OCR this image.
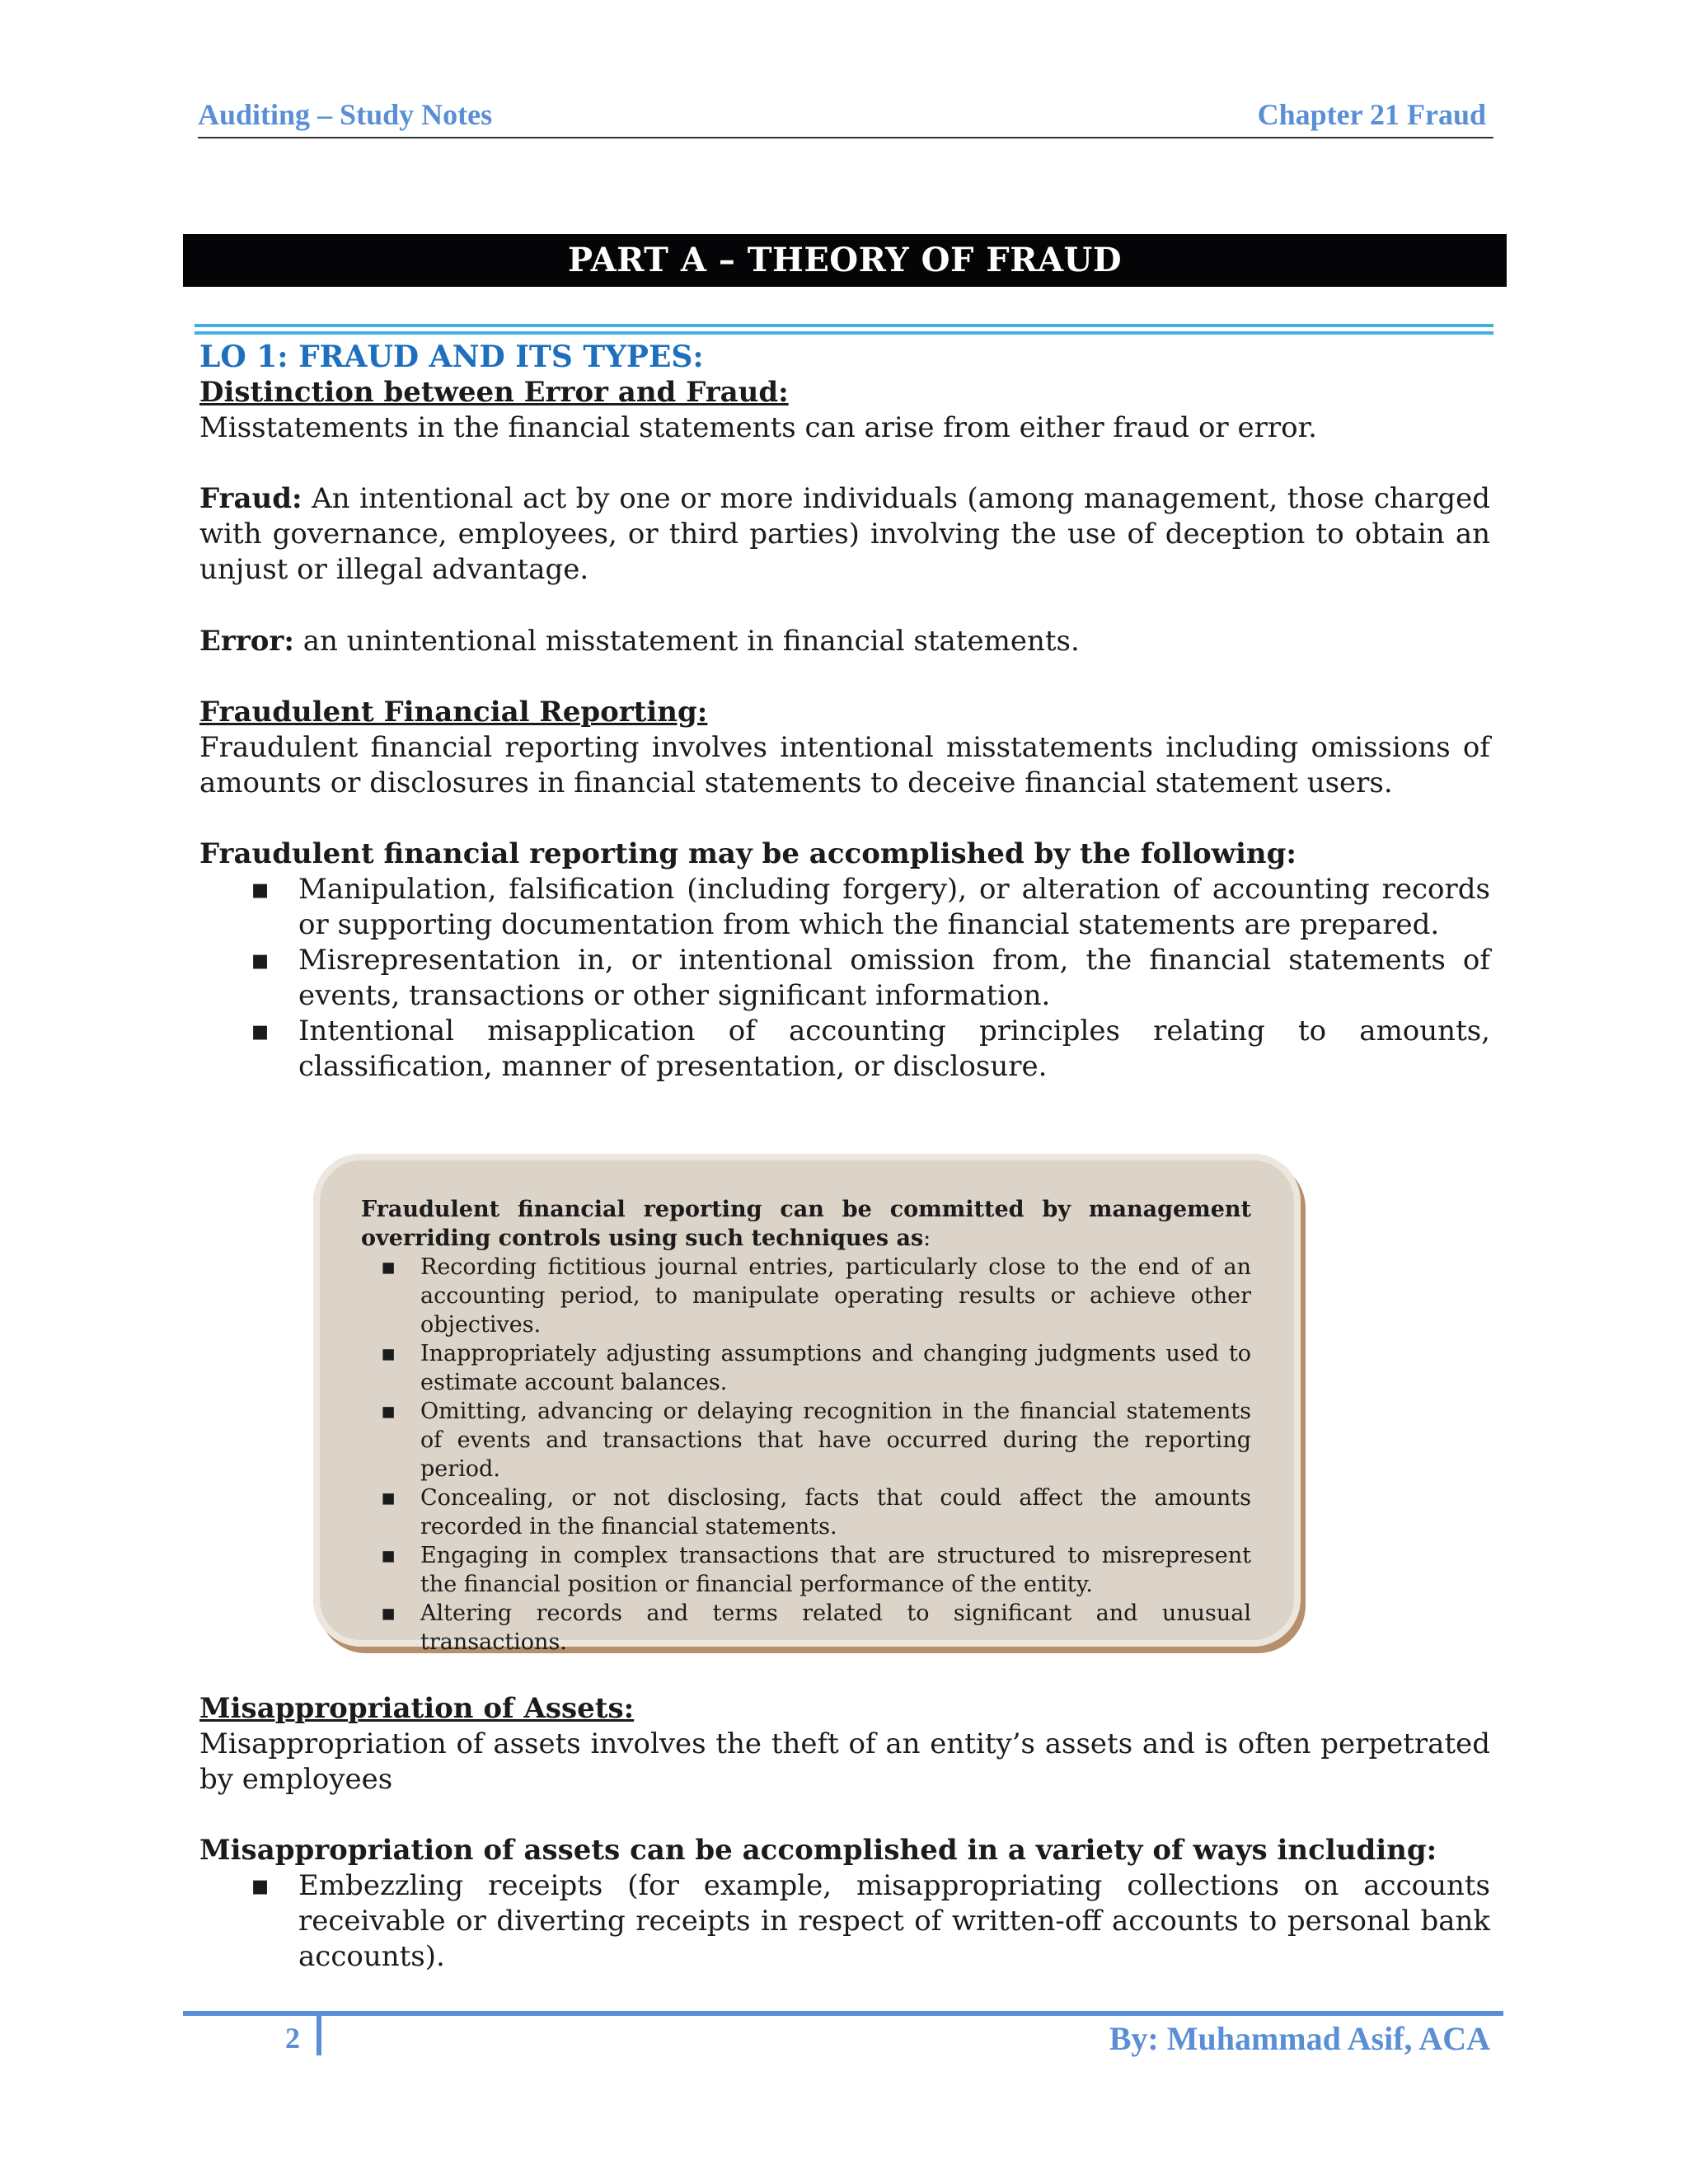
Auditing – Study Notes	Chapter 21 Fraud
PART A – THEORY OF FRAUD
LO 1: FRAUD AND ITS TYPES:
Distinction between Error and Fraud:
Misstatements in the financial statements can arise from either fraud or error.
Fraud: An intentional act by one or more individuals (among management, those charged with governance, employees, or third parties) involving the use of deception to obtain an unjust or illegal advantage.
Error: an unintentional misstatement in financial statements.
Fraudulent Financial Reporting:
Fraudulent financial reporting involves intentional misstatements including omissions of amounts or disclosures in financial statements to deceive financial statement users.
Fraudulent financial reporting may be accomplished by the following:
▪ Manipulation, falsification (including forgery), or alteration of accounting records or supporting documentation from which the financial statements are prepared.
▪ Misrepresentation in, or intentional omission from, the financial statements of events, transactions or other significant information.
▪ Intentional misapplication of accounting principles relating to amounts, classification, manner of presentation, or disclosure.
Fraudulent financial reporting can be committed by management overriding controls using such techniques as:
▪ Recording fictitious journal entries, particularly close to the end of an accounting period, to manipulate operating results or achieve other objectives.
▪ Inappropriately adjusting assumptions and changing judgments used to estimate account balances.
▪ Omitting, advancing or delaying recognition in the financial statements of events and transactions that have occurred during the reporting period.
▪ Concealing, or not disclosing, facts that could affect the amounts recorded in the financial statements.
▪ Engaging in complex transactions that are structured to misrepresent the financial position or financial performance of the entity.
▪ Altering records and terms related to significant and unusual transactions.
Misappropriation of Assets:
Misappropriation of assets involves the theft of an entity’s assets and is often perpetrated by employees
Misappropriation of assets can be accomplished in a variety of ways including:
▪ Embezzling receipts (for example, misappropriating collections on accounts receivable or diverting receipts in respect of written-off accounts to personal bank accounts).
2	By: Muhammad Asif, ACA
